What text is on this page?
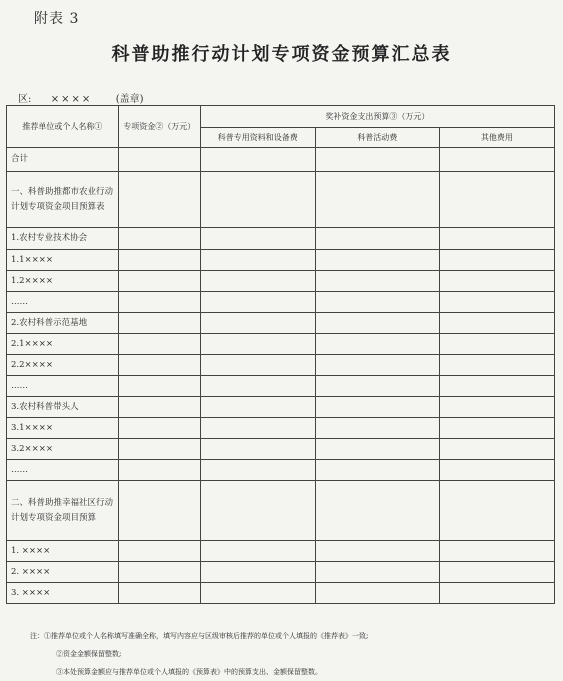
附表 3
科普助推行动计划专项资金预算汇总表
区: ×××× (盖章)
推荐单位或个人名称①	专项资金②（万元）	奖补资金支出预算③（万元）		
		科普专用资料和设备费	科普活动费	其他费用
合计				
一、科普助推都市农业行动计划专项资金项目预算表				
1.农村专业技术协会				
1.1××××				
1.2××××				
……				
2.农村科普示范基地				
2.1××××				
2.2××××				
……				
3.农村科普带头人				
3.1××××				
3.2××××				
……				
二、科普助推幸福社区行动计划专项资金项目预算				
1. ××××				
2. ××××				
3. ××××				
注：①推荐单位或个人名称填写准确全称，填写内容应与区级审核后推荐的单位或个人填报的《推荐表》一致;
②资金金额保留整数;
③本处预算金额应与推荐单位或个人填报的《预算表》中的预算支出、金额保留整数。
